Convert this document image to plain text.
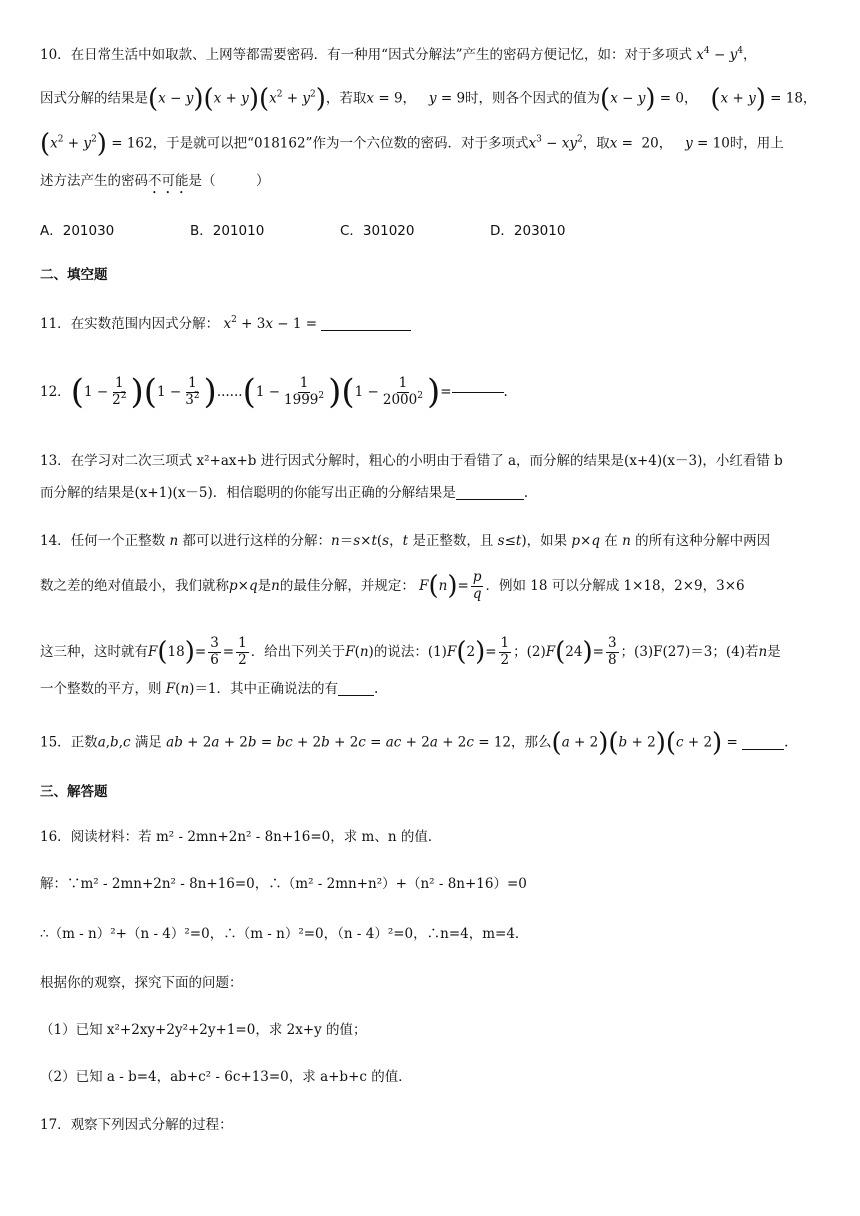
10．在日常生活中如取款、上网等都需要密码．有一种用“因式分解法”产生的密码方便记忆，如：对于多项式 $x^4 - y^4$，
因式分解的结果是$(x - y)(x + y)(x^2 + y^2)$，若取x = 9，   y = 9时，则各个因式的值为(x − y) = 0，   (x + y) = 18，
$(x^2 + y^2) = 162$，于是就可以把“018162”作为一个六位数的密码．对于多项式$x^3 - xy^2$，取x =  20，   y = 10时，用上
述方法产生的密码不可能是（　　　）
A．201030	B．201010	C．301020	D．203010
二、填空题
11．在实数范围内因式分解： $x^2 + 3x - 1$ =
12． ( $1 - \frac{1}{2^2}$ ) ( $1 - \frac{1}{3^2}$ ) ...... ( $1 - \frac{1}{1999^2}$ ) ( $1 - \frac{1}{2000^2}$ ) =	.
13．在学习对二次三项式 x²+ax+b 进行因式分解时，粗心的小明由于看错了 a，而分解的结果是(x+4)(x－3)，小红看错 b
而分解的结果是(x+1)(x－5)．相信聪明的你能写出正确的分解结果是	.
14．任何一个正整数 n 都可以进行这样的分解：n＝s×t(s，t 是正整数，且 s≤t)，如果 p×q 在 n 的所有这种分解中两因
数之差的绝对值最小，我们就称 p × q 是 n 的最佳分解，并规定：
F ( n ) = $\frac{p}{q}$ ．例如 18 可以分解成 1×18，2×9，3×6
这三种，这时就有 F ( 18 ) = $\frac{3}{6} = \frac{1}{2}$ ．给出下列关于 F ( n ) 的说法：(1) F ( 2 ) = $\frac{1}{2}$ ；(2) F ( 24 ) = $\frac{3}{8}$ ；(3)F(27)＝3；(4)若 n 是
一个整数的平方，则 F(n)＝1．其中正确说法的有	.
15．正数a,b,c 满足 ab + 2a + 2b = bc + 2b + 2c = ac + 2a + 2c = 12，那么(a + 2)(b + 2)(c + 2) =	.
三、解答题
16．阅读材料：若 m² - 2mn+2n² - 8n+16=0，求 m、n 的值．
解：∵m² - 2mn+2n² - 8n+16=0，∴（m² - 2mn+n²）+（n² - 8n+16）=0
∴（m - n）²+（n - 4）²=0，∴（m - n）²=0，（n - 4）²=0，∴n=4，m=4．
根据你的观察，探究下面的问题：
（1）已知 x²+2xy+2y²+2y+1=0，求 2x+y 的值；
（2）已知 a - b=4，ab+c² - 6c+13=0，求 a+b+c 的值．
17．观察下列因式分解的过程：
